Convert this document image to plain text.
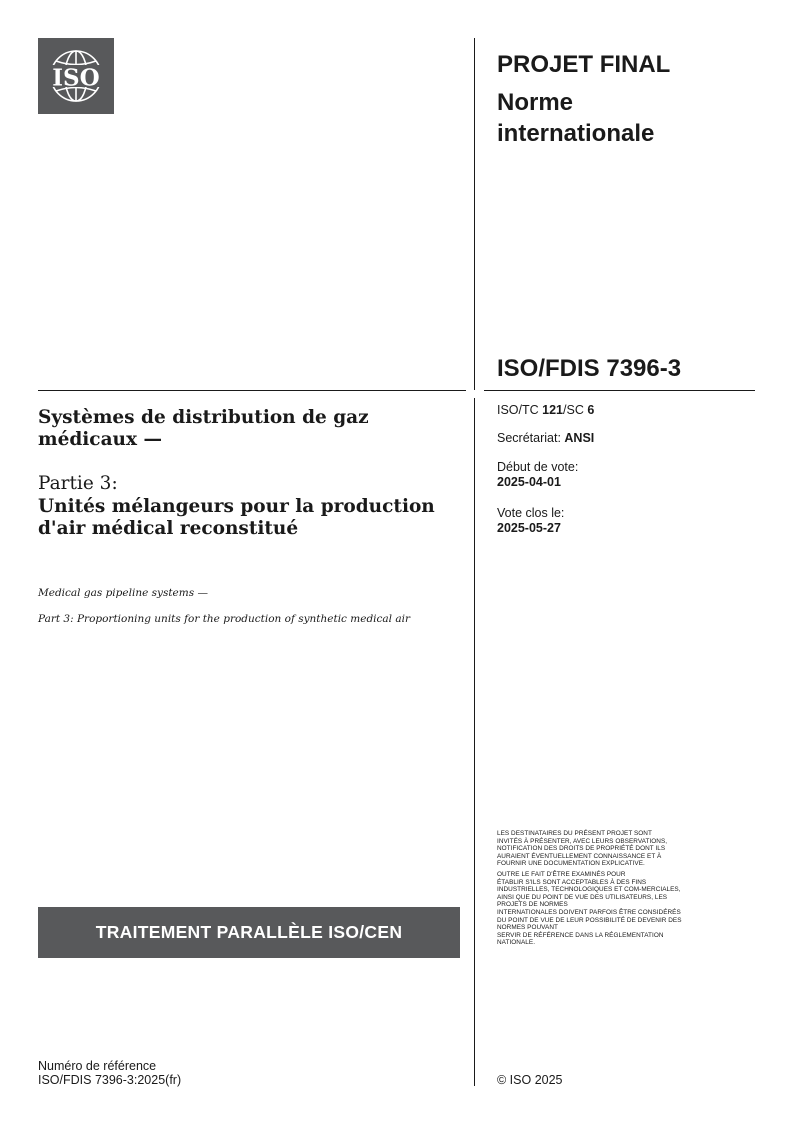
ISO	PROJET FINAL
Norme
internationale
ISO/FDIS 7396-3
ISO/TC 121/SC 6
Secrétariat: ANSI
Début de vote:
2025-04-01
Vote clos le:
2025-05-27
Systèmes de distribution de gaz médicaux —
Partie 3:
Unités mélangeurs pour la production d'air médical reconstitué
Medical gas pipeline systems —
Part 3: Proportioning units for the production of synthetic medical air
TRAITEMENT PARALLÈLE ISO/CEN

LES DESTINATAIRES DU PRÉSENT PROJET SONT
INVITÉS À PRÉSENTER, AVEC LEURS OBSERVATIONS,
NOTIFICATION DES DROITS DE PROPRIÉTÉ DONT ILS
AURAIENT ÉVENTUELLEMENT CONNAISSANCE ET À
FOURNIR UNE DOCUMENTATION EXPLICATIVE.

OUTRE LE FAIT D'ÊTRE EXAMINÉS POUR
ÉTABLIR S'ILS SONT ACCEPTABLES À DES FINS
INDUSTRIELLES, TECHNOLOGIQUES ET COM-MERCIALES,
AINSI QUE DU POINT DE VUE DES UTILISATEURS, LES
PROJETS DE NORMES
INTERNATIONALES DOIVENT PARFOIS ÊTRE CONSIDÉRÉS
DU POINT DE VUE DE LEUR POSSIBILITÉ DE DEVENIR DES
NORMES POUVANT
SERVIR DE RÉFÉRENCE DANS LA RÉGLEMENTATION
NATIONALE.

Numéro de référence
ISO/FDIS 7396-3:2025(fr)	© ISO 2025
